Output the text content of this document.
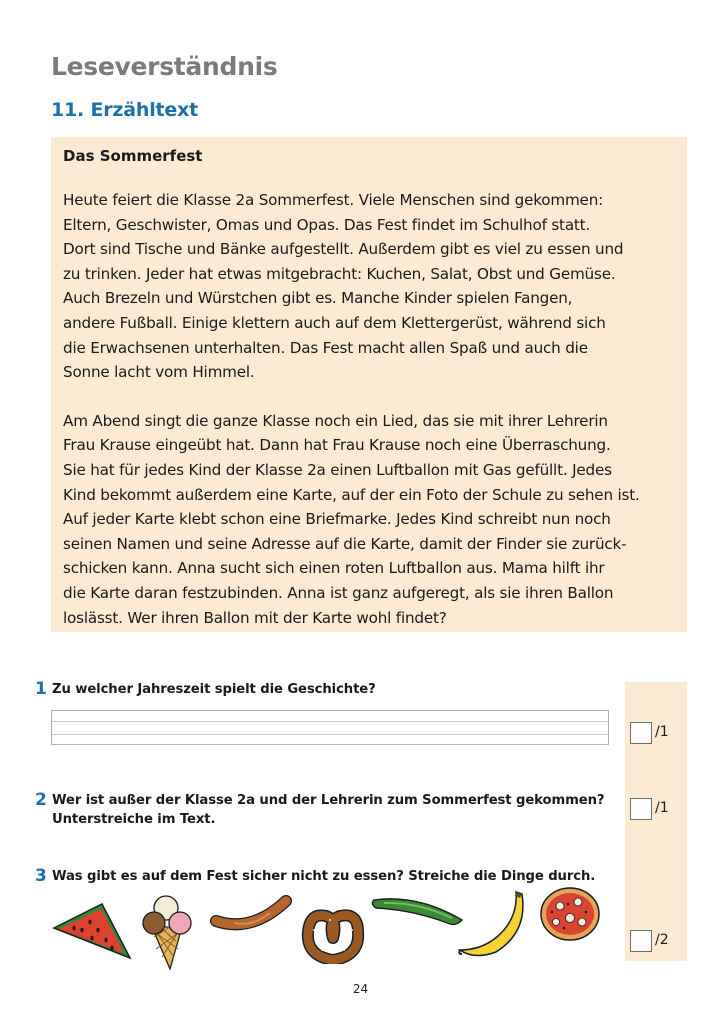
Leseverständnis
11. Erzähltext
Das Sommerfest
Heute feiert die Klasse 2a Sommerfest. Viele Menschen sind gekommen:
Eltern, Geschwister, Omas und Opas. Das Fest findet im Schulhof statt.
Dort sind Tische und Bänke aufgestellt. Außerdem gibt es viel zu essen und
zu trinken. Jeder hat etwas mitgebracht: Kuchen, Salat, Obst und Gemüse.
Auch Brezeln und Würstchen gibt es. Manche Kinder spielen Fangen,
andere Fußball. Einige klettern auch auf dem Klettergerüst, während sich
die Erwachsenen unterhalten. Das Fest macht allen Spaß und auch die
Sonne lacht vom Himmel.
Am Abend singt die ganze Klasse noch ein Lied, das sie mit ihrer Lehrerin
Frau Krause eingeübt hat. Dann hat Frau Krause noch eine Überraschung.
Sie hat für jedes Kind der Klasse 2a einen Luftballon mit Gas gefüllt. Jedes
Kind bekommt außerdem eine Karte, auf der ein Foto der Schule zu sehen ist.
Auf jeder Karte klebt schon eine Briefmarke. Jedes Kind schreibt nun noch
seinen Namen und seine Adresse auf die Karte, damit der Finder sie zurück-
schicken kann. Anna sucht sich einen roten Luftballon aus. Mama hilft ihr
die Karte daran festzubinden. Anna ist ganz aufgeregt, als sie ihren Ballon
loslässt. Wer ihren Ballon mit der Karte wohl findet?
/1
/1
/2
1 Zu welcher Jahreszeit spielt die Geschichte?
2 Wer ist außer der Klasse 2a und der Lehrerin zum Sommerfest gekommen?
Unterstreiche im Text.
3 Was gibt es auf dem Fest sicher nicht zu essen? Streiche die Dinge durch.
24
